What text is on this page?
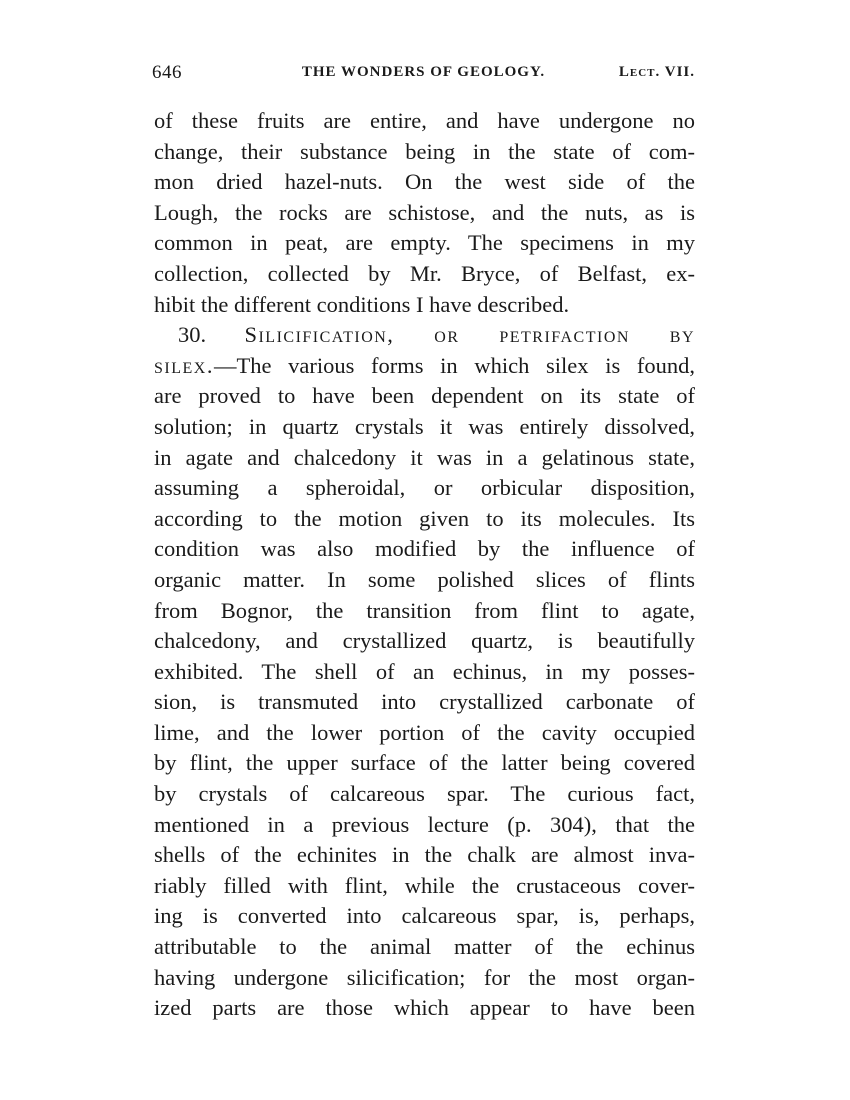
646	THE WONDERS OF GEOLOGY.	Lect. VII.
of these fruits are entire, and have undergone no
change, their substance being in the state of com-
mon dried hazel-nuts. On the west side of the
Lough, the rocks are schistose, and the nuts, as is
common in peat, are empty. The specimens in my
collection, collected by Mr. Bryce, of Belfast, ex-
hibit the different conditions I have described.
30. Silicification, or petrifaction by
silex.—The various forms in which silex is found,
are proved to have been dependent on its state of
solution; in quartz crystals it was entirely dissolved,
in agate and chalcedony it was in a gelatinous state,
assuming a spheroidal, or orbicular disposition,
according to the motion given to its molecules. Its
condition was also modified by the influence of
organic matter. In some polished slices of flints
from Bognor, the transition from flint to agate,
chalcedony, and crystallized quartz, is beautifully
exhibited. The shell of an echinus, in my posses-
sion, is transmuted into crystallized carbonate of
lime, and the lower portion of the cavity occupied
by flint, the upper surface of the latter being covered
by crystals of calcareous spar. The curious fact,
mentioned in a previous lecture (p. 304), that the
shells of the echinites in the chalk are almost inva-
riably filled with flint, while the crustaceous cover-
ing is converted into calcareous spar, is, perhaps,
attributable to the animal matter of the echinus
having undergone silicification; for the most organ-
ized parts are those which appear to have been
